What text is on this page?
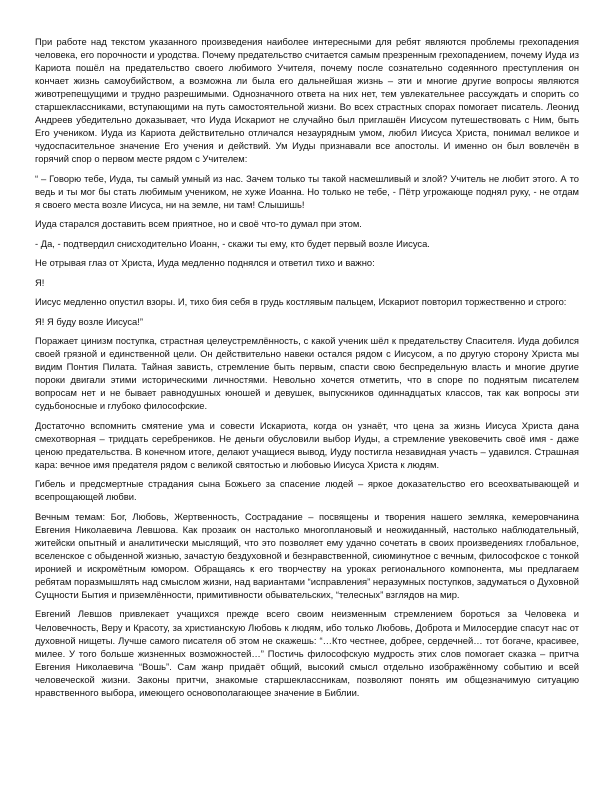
При работе над текстом указанного произведения наиболее интересными для ребят являются проблемы грехопадения человека, его порочности и уродства. Почему предательство считается самым презренным грехопадением, почему Иуда из Кариота пошёл на предательство своего любимого Учителя, почему после сознательно содеянного преступления он кончает жизнь самоубийством, а возможна ли была его дальнейшая жизнь – эти и многие другие вопросы являются животрепещущими и трудно разрешимыми. Однозначного ответа на них нет, тем увлекательнее рассуждать и спорить со старшеклассниками, вступающими на путь самостоятельной жизни. Во всех страстных спорах помогает писатель. Леонид Андреев убедительно доказывает, что Иуда Искариот не случайно был приглашён Иисусом путешествовать с Ним, быть Его учеником. Иуда из Кариота действительно отличался незаурядным умом, любил Иисуса Христа, понимал великое и чудоспасительное значение Его учения и действий. Ум Иуды признавали все апостолы. И именно он был вовлечён в горячий спор о первом месте рядом с Учителем:

“ – Говорю тебе, Иуда, ты самый умный из нас. Зачем только ты такой насмешливый и злой? Учитель не любит этого. А то ведь и ты мог бы стать любимым учеником, не хуже Иоанна. Но только не тебе, - Пётр угрожающе поднял руку, - не отдам я своего места возле Иисуса, ни на земле, ни там! Слышишь!

Иуда старался доставить всем приятное, но и своё что-то думал при этом.

- Да, - подтвердил снисходительно Иоанн, - скажи ты ему, кто будет первый возле Иисуса.

Не отрывая глаз от Христа, Иуда медленно поднялся и ответил тихо и важно:

Я!

Иисус медленно опустил взоры. И, тихо бия себя в грудь костлявым пальцем, Искариот повторил торжественно и строго:

Я! Я буду возле Иисуса!”

Поражает цинизм поступка, страстная целеустремлённость, с какой ученик шёл к предательству Спасителя. Иуда добился своей грязной и единственной цели. Он действительно навеки остался рядом с Иисусом, а по другую сторону Христа мы видим Понтия Пилата. Тайная зависть, стремление быть первым, спасти свою беспредельную власть и многие другие пороки двигали этими историческими личностями. Невольно хочется отметить, что в споре по поднятым писателем вопросам нет и не бывает равнодушных юношей и девушек, выпускников одиннадцатых классов, так как вопросы эти судьбоносные и глубоко философские.

Достаточно вспомнить смятение ума и совести Искариота, когда он узнаёт, что цена за жизнь Иисуса Христа дана смехотворная – тридцать серебреников. Не деньги обусловили выбор Иуды, а стремление увековечить своё имя - даже ценою предательства. В конечном итоге, делают учащиеся вывод, Иуду постигла незавидная участь – удавился. Страшная кара: вечное имя предателя рядом с великой святостью и любовью Иисуса Христа к людям.

Гибель и предсмертные страдания сына Божьего за спасение людей – яркое доказательство его всеохватывающей и всепрощающей любви.

Вечным темам: Бог, Любовь, Жертвенность, Сострадание – посвящены и творения нашего земляка, кемеровчанина Евгения Николаевича Левшова. Как прозаик он настолько многоплановый и неожиданный, настолько наблюдательный, житейски опытный и аналитически мыслящий, что это позволяет ему удачно сочетать в своих произведениях глобальное, вселенское с обыденной жизнью, зачастую бездуховной и безнравственной, сиюминутное с вечным, философское с тонкой иронией и искромётным юмором. Обращаясь к его творчеству на уроках регионального компонента, мы предлагаем ребятам поразмышлять над смыслом жизни, над вариантами “исправления” неразумных поступков, задуматься о Духовной Сущности Бытия и приземлённости, примитивности обывательских, “телесных” взглядов на мир.

Евгений Левшов привлекает учащихся прежде всего своим неизменным стремлением бороться за Человека и Человечность, Веру и Красоту, за христианскую Любовь к людям, ибо только Любовь, Доброта и Милосердие спасут нас от духовной нищеты. Лучше самого писателя об этом не скажешь: “…Кто честнее, добрее, сердечней… тот богаче, красивее, милее. У того больше жизненных возможностей…” Постичь философскую мудрость этих слов помогает сказка – притча Евгения Николаевича “Вошь”. Сам жанр придаёт общий, высокий смысл отдельно изображённому событию и всей человеческой жизни. Законы притчи, знакомые старшеклассникам, позволяют понять им общезначимую ситуацию нравственного выбора, имеющего основополагающее значение в Библии.
